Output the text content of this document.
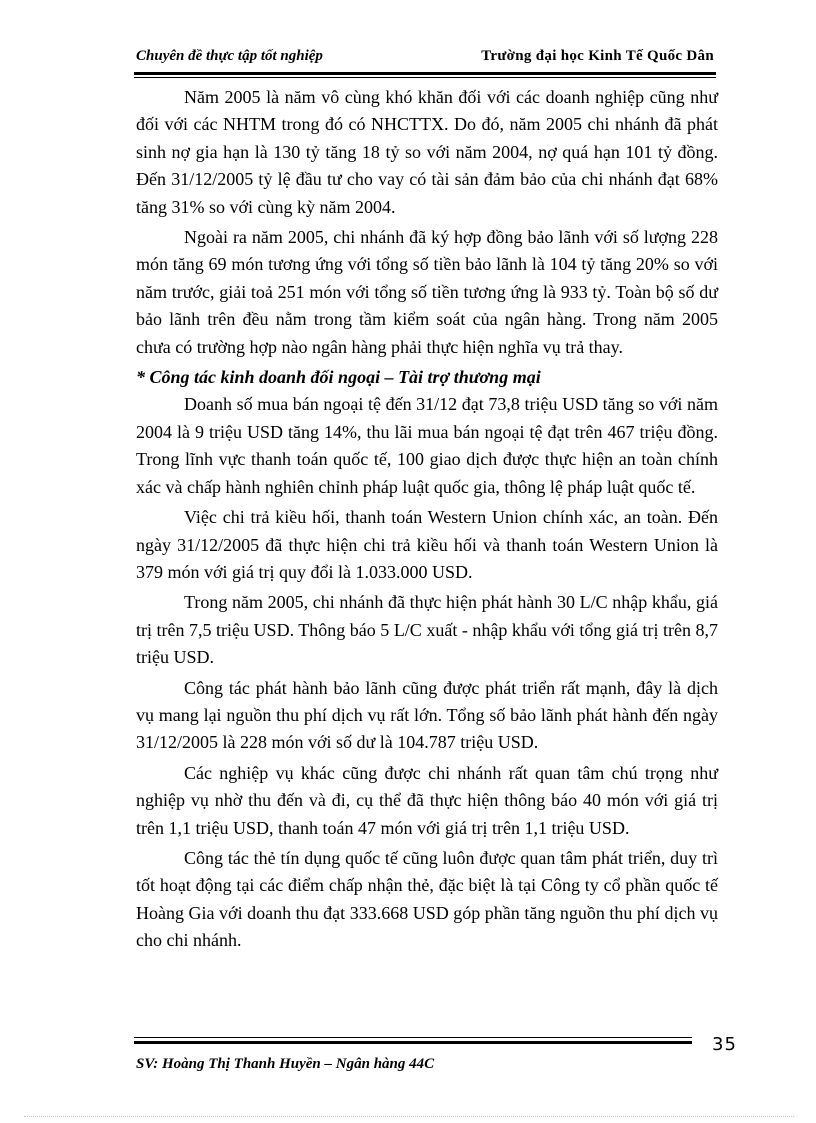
Chuyên đề thực tập tốt nghiệp	Trường đại học Kinh Tế Quốc Dân

Năm 2005 là năm vô cùng khó khăn đối với các doanh nghiệp cũng như đối với các NHTM trong đó có NHCTTX. Do đó, năm 2005 chi nhánh đã phát sinh nợ gia hạn là 130 tỷ tăng 18 tỷ so với năm 2004, nợ quá hạn 101 tỷ đồng. Đến 31/12/2005 tỷ lệ đầu tư cho vay có tài sản đảm bảo của chi nhánh đạt 68% tăng 31% so với cùng kỳ năm 2004.

Ngoài ra năm 2005, chi nhánh đã ký hợp đồng bảo lãnh với số lượng 228 món tăng 69 món tương ứng với tổng số tiền bảo lãnh là 104 tỷ tăng 20% so với năm trước, giải toả 251 món với tổng số tiền tương ứng là 933 tỷ. Toàn bộ số dư bảo lãnh trên đều nằm trong tầm kiểm soát của ngân hàng. Trong năm 2005 chưa có trường hợp nào ngân hàng phải thực hiện nghĩa vụ trả thay.

* Công tác kinh doanh đối ngoại – Tài trợ thương mại

Doanh số mua bán ngoại tệ đến 31/12 đạt 73,8 triệu USD tăng so với năm 2004 là 9 triệu USD tăng 14%, thu lãi mua bán ngoại tệ đạt trên 467 triệu đồng. Trong lĩnh vực thanh toán quốc tế, 100 giao dịch được thực hiện an toàn chính xác và chấp hành nghiên chỉnh pháp luật quốc gia, thông lệ pháp luật quốc tế.

Việc chi trả kiều hối, thanh toán Western Union chính xác, an toàn. Đến ngày 31/12/2005 đã thực hiện chi trả kiều hối và thanh toán Western Union là 379 món với giá trị quy đổi là 1.033.000 USD.

Trong năm 2005, chi nhánh đã thực hiện phát hành 30 L/C nhập khẩu, giá trị trên 7,5 triệu USD. Thông báo 5 L/C xuất - nhập khẩu với tổng giá trị trên 8,7 triệu USD.

Công tác phát hành bảo lãnh cũng được phát triển rất mạnh, đây là dịch vụ mang lại nguồn thu phí dịch vụ rất lớn. Tổng số bảo lãnh phát hành đến ngày 31/12/2005 là 228 món với số dư là 104.787 triệu USD.

Các nghiệp vụ khác cũng được chi nhánh rất quan tâm chú trọng như nghiệp vụ nhờ thu đến và đi, cụ thể đã thực hiện thông báo 40 món với giá trị trên 1,1 triệu USD, thanh toán 47 món với giá trị trên 1,1 triệu USD.

Công tác thẻ tín dụng quốc tế cũng luôn được quan tâm phát triển, duy trì tốt hoạt động tại các điểm chấp nhận thẻ, đặc biệt là tại Công ty cổ phần quốc tế Hoàng Gia với doanh thu đạt 333.668 USD góp phần tăng nguồn thu phí dịch vụ cho chi nhánh.

35
SV: Hoàng Thị Thanh Huyền – Ngân hàng 44C
